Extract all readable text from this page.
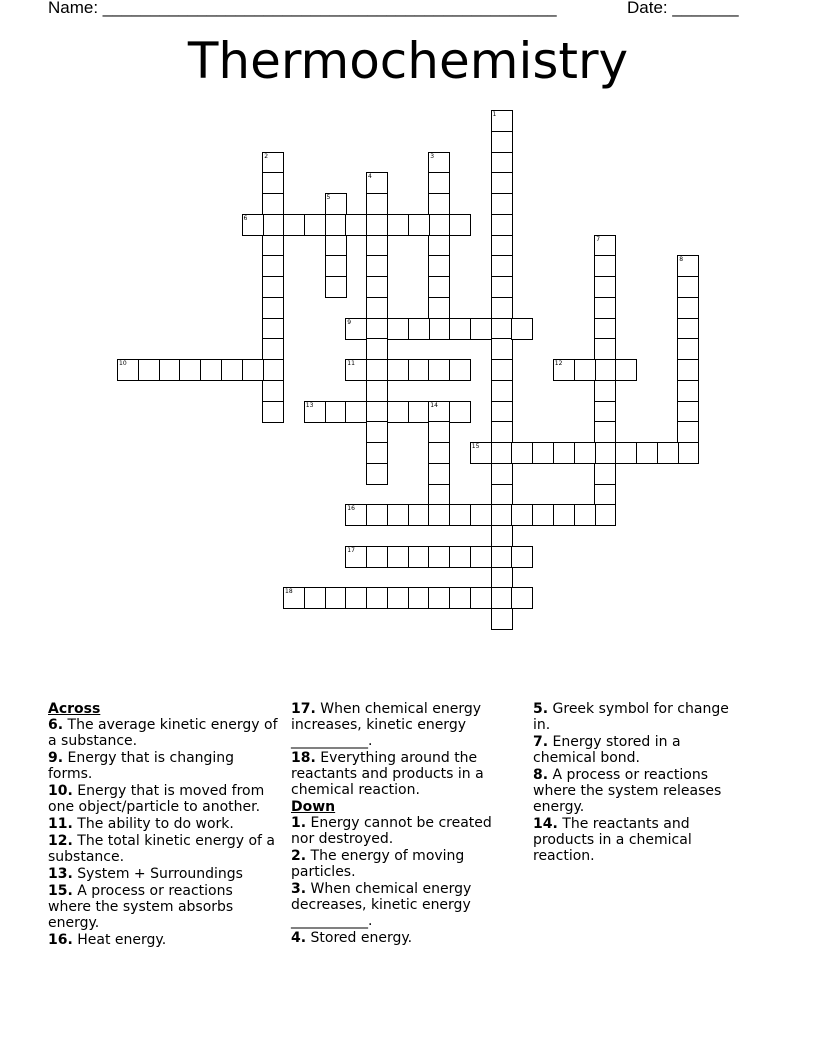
Name: ________________________________________________	Date: _______
Thermochemistry
1
2	3
4
5
6
7
8
9
10	11	12
13	14
15
16
17
18
Across
6. The average kinetic energy of a substance.
9. Energy that is changing forms.
10. Energy that is moved from one object/particle to another.
11. The ability to do work.
12. The total kinetic energy of a substance.
13. System + Surroundings
15. A process or reactions where the system absorbs energy.
16. Heat energy.
17. When chemical energy increases, kinetic energy ___________.
18. Everything around the reactants and products in a chemical reaction.
Down
1. Energy cannot be created nor destroyed.
2. The energy of moving particles.
3. When chemical energy decreases, kinetic energy ___________.
4. Stored energy.
5. Greek symbol for change in.
7. Energy stored in a chemical bond.
8. A process or reactions where the system releases energy.
14. The reactants and products in a chemical reaction.
